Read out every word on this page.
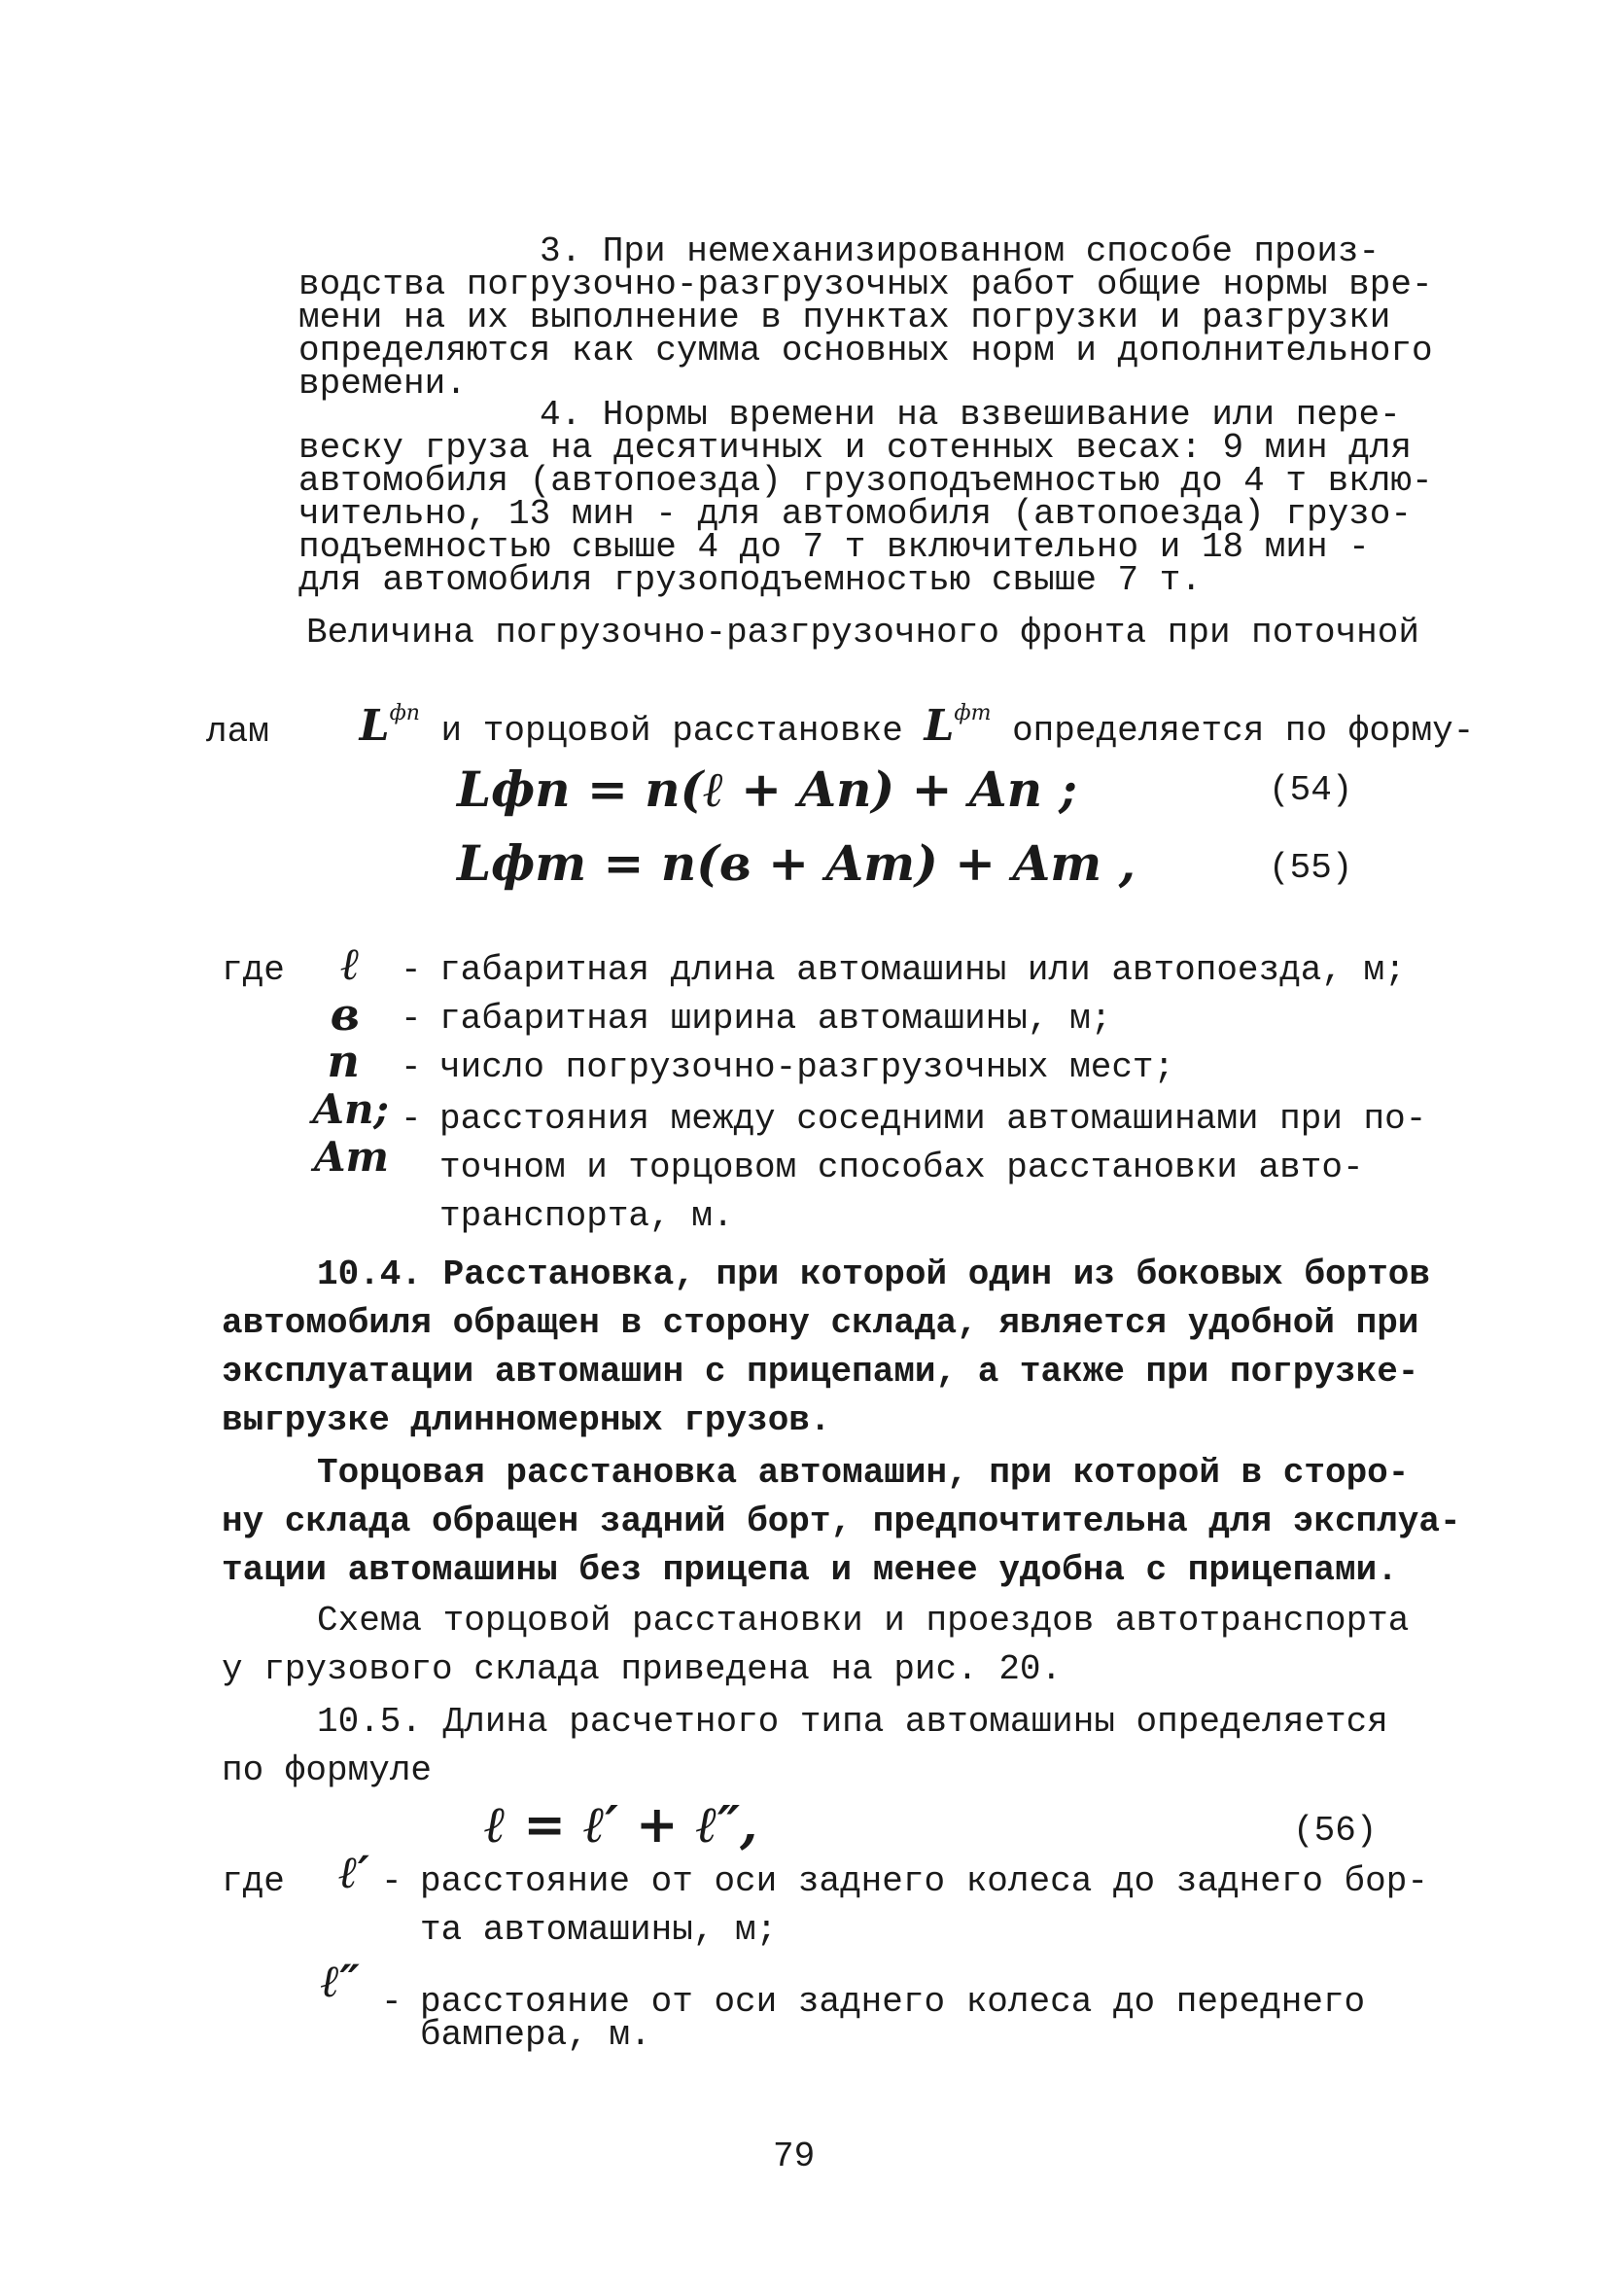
3. При немеханизированном способе произ-
водства погрузочно-разгрузочных работ общие нормы вре-
мени на их выполнение в пунктах погрузки и разгрузки
определяются как сумма основных норм и дополнительного
времени.
4. Нормы времени на взвешивание или пере-
веску груза на десятичных и сотенных весах: 9 мин для
автомобиля (автопоезда) грузоподъемностью до 4 т вклю-
чительно, 13 мин - для автомобиля (автопоезда) грузо-
подъемностью свыше 4 до 7 т включительно и 18 мин -
для автомобиля грузоподъемностью свыше 7 т.
Величина погрузочно-разгрузочного фронта при поточной

$L^{фп}$ и торцовой расстановке $L^{фт}$ определяется по форму-

лам
Lфп = n(ℓ + Aп) + Aп ;	(54)
Lфт = n(в + Aт) + Aт ,	(55)
где	ℓ - габаритная длина автомашины или автопоезда, м;
в - габаритная ширина автомашины, м;
n - число погрузочно-разгрузочных мест;
Aп; Aт
- расстояния между соседними автомашинами при по-
точном и торцовом способах расстановки авто-
транспорта, м.
10.4. Расстановка, при которой один из боковых бортов
автомобиля обращен в сторону склада, является удобной при
эксплуатации автомашин с прицепами, а также при погрузке-
выгрузке длинномерных грузов.
Торцовая расстановка автомашин, при которой в сторо-
ну склада обращен задний борт, предпочтительна для эксплуа-
тации автомашины без прицепа и менее удобна с прицепами.
Схема торцовой расстановки и проездов автотранспорта
у грузового склада приведена на рис. 20.
10.5. Длина расчетного типа автомашины определяется
по формуле
ℓ = ℓ′ + ℓ″,	(56)
где	ℓ′ - расстояние от оси заднего колеса до заднего бор-
та автомашины, м;
ℓ″ - расстояние от оси заднего колеса до переднего
бампера, м.
79
